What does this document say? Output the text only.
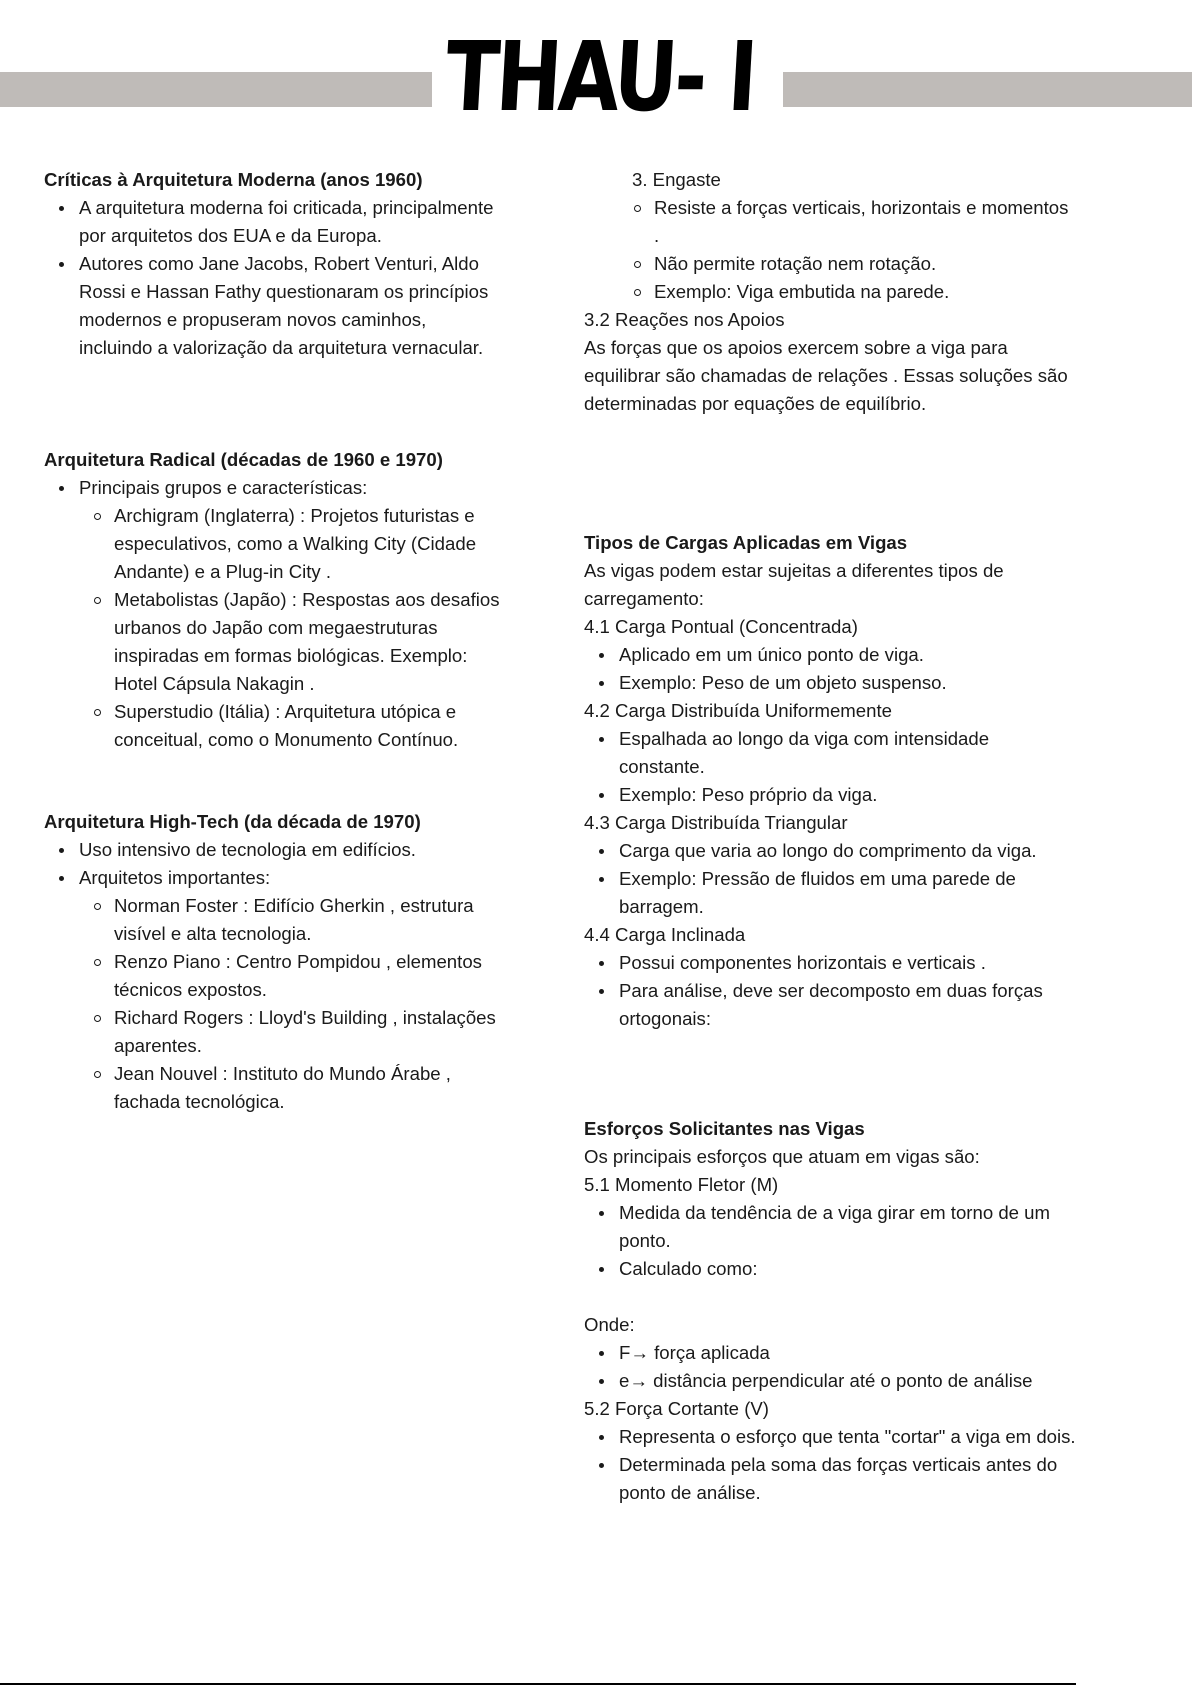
THAU- I
Críticas à Arquitetura Moderna (anos 1960)
A arquitetura moderna foi criticada, principalmente por arquitetos dos EUA e da Europa.
Autores como Jane Jacobs, Robert Venturi, Aldo Rossi e Hassan Fathy questionaram os princípios modernos e propuseram novos caminhos, incluindo a valorização da arquitetura vernacular.
Arquitetura Radical (décadas de 1960 e 1970)
Principais grupos e características:
Archigram (Inglaterra) : Projetos futuristas e especulativos, como a Walking City (Cidade Andante) e a Plug-in City .
Metabolistas (Japão) : Respostas aos desafios urbanos do Japão com megaestruturas inspiradas em formas biológicas. Exemplo: Hotel Cápsula Nakagin .
Superstudio (Itália) : Arquitetura utópica e conceitual, como o Monumento Contínuo.
Arquitetura High-Tech (da década de 1970)
Uso intensivo de tecnologia em edifícios.
Arquitetos importantes:
Norman Foster : Edifício Gherkin , estrutura visível e alta tecnologia.
Renzo Piano : Centro Pompidou , elementos técnicos expostos.
Richard Rogers : Lloyd's Building , instalações aparentes.
Jean Nouvel : Instituto do Mundo Árabe , fachada tecnológica.
3. Engaste
Resiste a forças verticais, horizontais e momentos .
Não permite rotação nem rotação.
Exemplo: Viga embutida na parede.
3.2 Reações nos Apoios
As forças que os apoios exercem sobre a viga para equilibrar são chamadas de relações . Essas soluções são determinadas por equações de equilíbrio.
Tipos de Cargas Aplicadas em Vigas
As vigas podem estar sujeitas a diferentes tipos de carregamento:
4.1 Carga Pontual (Concentrada)
Aplicado em um único ponto de viga.
Exemplo: Peso de um objeto suspenso.
4.2 Carga Distribuída Uniformemente
Espalhada ao longo da viga com intensidade constante.
Exemplo: Peso próprio da viga.
4.3 Carga Distribuída Triangular
Carga que varia ao longo do comprimento da viga.
Exemplo: Pressão de fluidos em uma parede de barragem.
4.4 Carga Inclinada
Possui componentes horizontais e verticais .
Para análise, deve ser decomposto em duas forças ortogonais:
Esforços Solicitantes nas Vigas
Os principais esforços que atuam em vigas são:
5.1 Momento Fletor (M)
Medida da tendência de a viga girar em torno de um ponto.
Calculado como:
Onde:
F→ força aplicada
e→ distância perpendicular até o ponto de análise
5.2 Força Cortante (V)
Representa o esforço que tenta "cortar" a viga em dois.
Determinada pela soma das forças verticais antes do ponto de análise.
